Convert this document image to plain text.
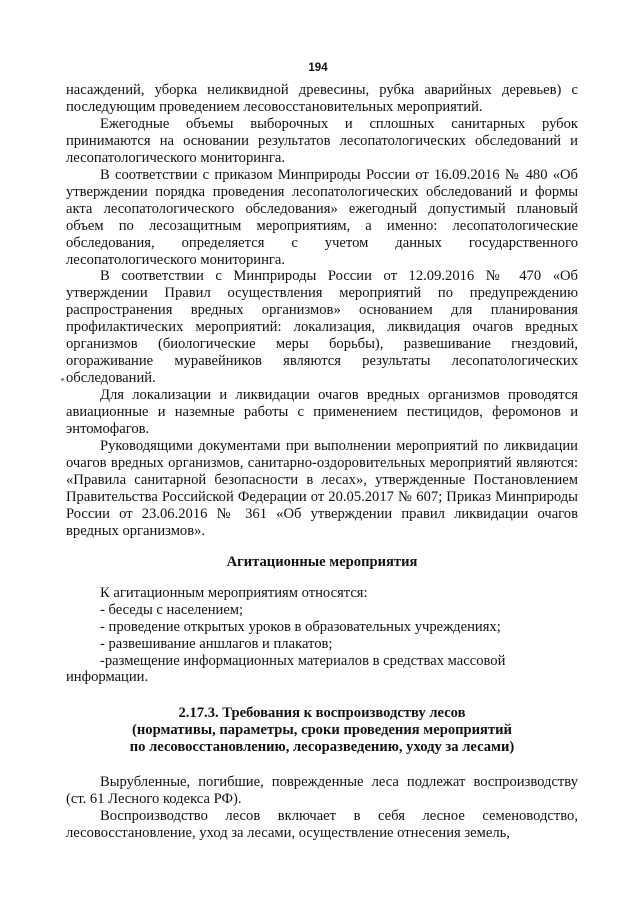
194

насаждений, уборка неликвидной древесины, рубка аварийных деревьев) с последующим проведением лесовосстановительных мероприятий.

Ежегодные объемы выборочных и сплошных санитарных рубок принимаются на основании результатов лесопатологических обследований и лесопатологического мониторинга.

В соответствии с приказом Минприроды России от 16.09.2016 № 480 «Об утверждении порядка проведения лесопатологических обследований и формы акта лесопатологического обследования» ежегодный допустимый плановый объем по лесозащитным мероприятиям, а именно: лесопатологические обследования, определяется с учетом данных государственного лесопатологического мониторинга.

В соответствии с Минприроды России от 12.09.2016 № 470 «Об утверждении Правил осуществления мероприятий по предупреждению распространения вредных организмов» основанием для планирования профилактических мероприятий: локализация, ликвидация очагов вредных организмов (биологические меры борьбы), развешивание гнездовий, огораживание муравейников являются результаты лесопатологических обследований.

Для локализации и ликвидации очагов вредных организмов проводятся авиационные и наземные работы с применением пестицидов, феромонов и энтомофагов.

Руководящими документами при выполнении мероприятий по ликвидации очагов вредных организмов, санитарно-оздоровительных мероприятий являются: «Правила санитарной безопасности в лесах», утвержденные Постановлением Правительства Российской Федерации от 20.05.2017 № 607; Приказ Минприроды России от 23.06.2016 № 361 «Об утверждении правил ликвидации очагов вредных организмов».

Агитационные мероприятия

К агитационным мероприятиям относятся:

- беседы с населением;

- проведение открытых уроков в образовательных учреждениях;

- развешивание аншлагов и плакатов;

-размещение информационных материалов в средствах массовой информации.

2.17.3. Требования к воспроизводству лесов

(нормативы, параметры, сроки проведения мероприятий

по лесовосстановлению, лесоразведению, уходу за лесами)

Вырубленные, погибшие, поврежденные леса подлежат воспроизводству (ст. 61 Лесного кодекса РФ).

Воспроизводство лесов включает в себя лесное семеноводство, лесовосстановление, уход за лесами, осуществление отнесения земель,
